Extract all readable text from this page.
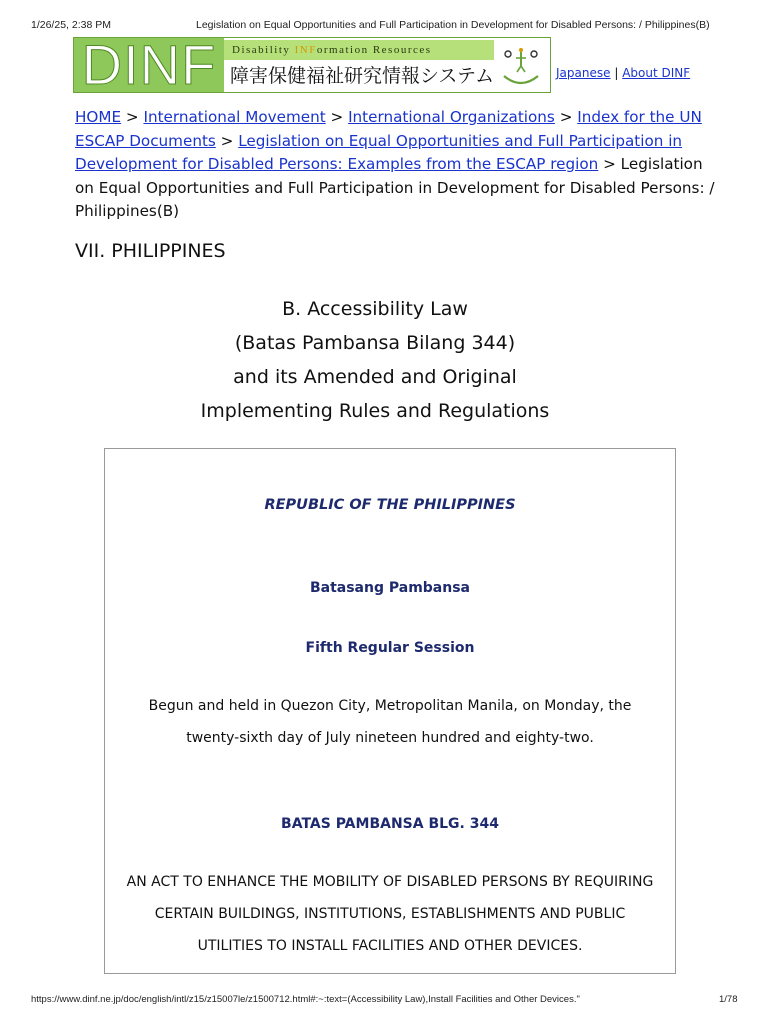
1/26/25, 2:38 PM	Legislation on Equal Opportunities and Full Participation in Development for Disabled Persons: / Philippines(B)
DINF	Disability INFormation Resources
障害保健福祉研究情報システム	Japanese | About DINF
HOME > International Movement > International Organizations > Index for the UN ESCAP Documents > Legislation on Equal Opportunities and Full Participation in Development for Disabled Persons: Examples from the ESCAP region > Legislation on Equal Opportunities and Full Participation in Development for Disabled Persons: / Philippines(B)
VII. PHILIPPINES
B. Accessibility Law
(Batas Pambansa Bilang 344)
and its Amended and Original
Implementing Rules and Regulations
REPUBLIC OF THE PHILIPPINES
Batasang Pambansa
Fifth Regular Session
Begun and held in Quezon City, Metropolitan Manila, on Monday, the twenty-sixth day of July nineteen hundred and eighty-two.
BATAS PAMBANSA BLG. 344
AN ACT TO ENHANCE THE MOBILITY OF DISABLED PERSONS BY REQUIRING CERTAIN BUILDINGS, INSTITUTIONS, ESTABLISHMENTS AND PUBLIC UTILITIES TO INSTALL FACILITIES AND OTHER DEVICES.
https://www.dinf.ne.jp/doc/english/intl/z15/z15007le/z1500712.html#:~:text=(Accessibility Law),Install Facilities and Other Devices."	1/78
